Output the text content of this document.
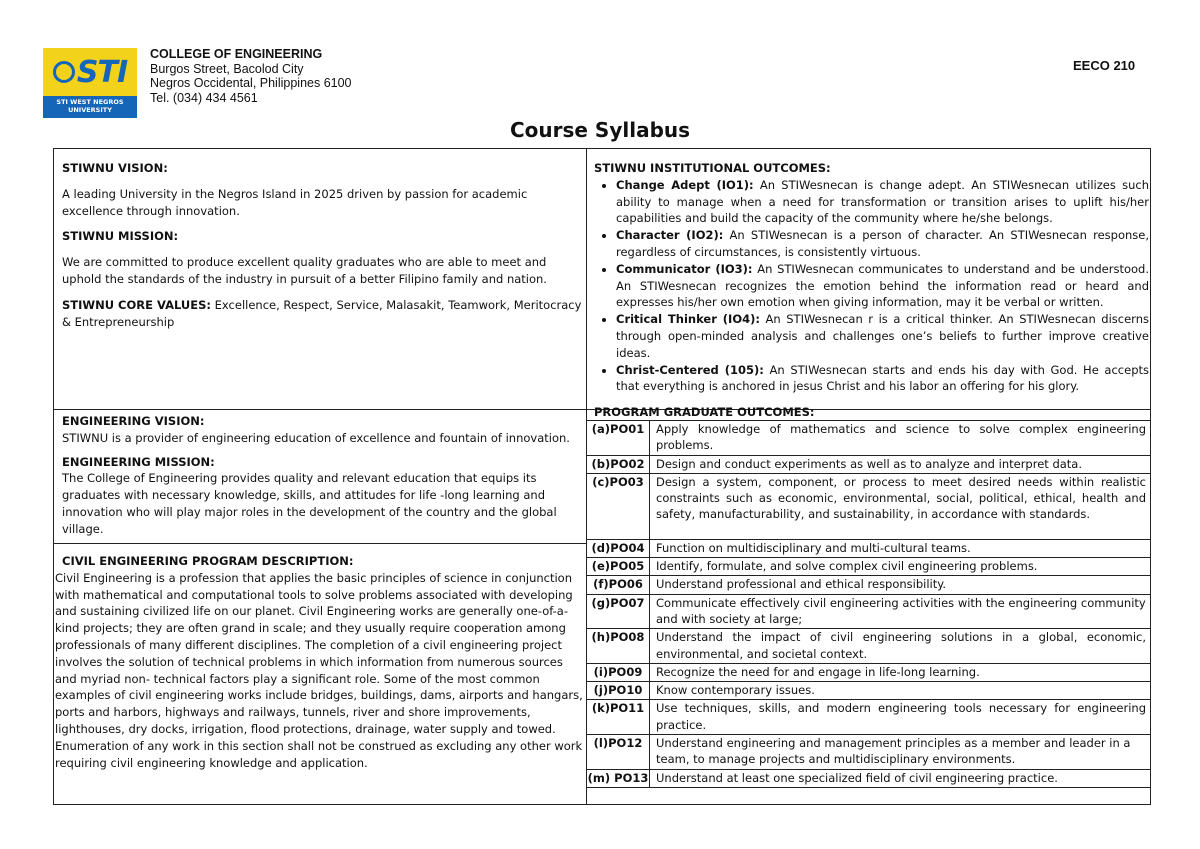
STI
STI WEST NEGROS UNIVERSITY
COLLEGE OF ENGINEERING
Burgos Street, Bacolod City
Negros Occidental, Philippines 6100
Tel. (034) 434 4561
EECO 210
Course Syllabus

STIWNU VISION:

A leading University in the Negros Island in 2025 driven by passion for academic excellence through innovation.

STIWNU MISSION:

We are committed to produce excellent quality graduates who are able to meet and uphold the standards of the industry in pursuit of a better Filipino family and nation.

STIWNU CORE VALUES: Excellence, Respect, Service, Malasakit, Teamwork, Meritocracy & Entrepreneurship

ENGINEERING VISION:

STIWNU is a provider of engineering education of excellence and fountain of innovation.

ENGINEERING MISSION:

The College of Engineering provides quality and relevant education that equips its graduates with necessary knowledge, skills, and attitudes for life -long learning and innovation who will play major roles in the development of the country and the global village.

CIVIL ENGINEERING PROGRAM DESCRIPTION:

Civil Engineering is a profession that applies the basic principles of science in conjunction with mathematical and computational tools to solve problems associated with developing and sustaining civilized life on our planet. Civil Engineering works are generally one-of-a-kind projects; they are often grand in scale; and they usually require cooperation among professionals of many different disciplines. The completion of a civil engineering project involves the solution of technical problems in which information from numerous sources and myriad non- technical factors play a significant role. Some of the most common examples of civil engineering works include bridges, buildings, dams, airports and hangars, ports and harbors, highways and railways, tunnels, river and shore improvements, lighthouses, dry docks, irrigation, flood protections, drainage, water supply and towed. Enumeration of any work in this section shall not be construed as excluding any other work requiring civil engineering knowledge and application.

STIWNU INSTITUTIONAL OUTCOMES:

• Change Adept (IO1): An STIWesnecan is change adept. An STIWesnecan utilizes such ability to manage when a need for transformation or transition arises to uplift his/her capabilities and build the capacity of the community where he/she belongs.
• Character (IO2): An STIWesnecan is a person of character. An STIWesnecan response, regardless of circumstances, is consistently virtuous.
• Communicator (IO3): An STIWesnecan communicates to understand and be understood. An STIWesnecan recognizes the emotion behind the information read or heard and expresses his/her own emotion when giving information, may it be verbal or written.
• Critical Thinker (IO4): An STIWesnecan r is a critical thinker. An STIWesnecan discerns through open-minded analysis and challenges one’s beliefs to further improve creative ideas.
• Christ-Centered (105): An STIWesnecan starts and ends his day with God. He accepts that everything is anchored in jesus Christ and his labor an offering for his glory.
PROGRAM GRADUATE OUTCOMES:
(a)PO01	Apply knowledge of mathematics and science to solve complex engineering problems.
(b)PO02	Design and conduct experiments as well as to analyze and interpret data.
(c)PO03	Design a system, component, or process to meet desired needs within realistic constraints such as economic, environmental, social, political, ethical, health and safety, manufacturability, and sustainability, in accordance with standards.
(d)PO04	Function on multidisciplinary and multi-cultural teams.
(e)PO05	Identify, formulate, and solve complex civil engineering problems.
(f)PO06	Understand professional and ethical responsibility.
(g)PO07	Communicate effectively civil engineering activities with the engineering community and with society at large;
(h)PO08	Understand the impact of civil engineering solutions in a global, economic, environmental, and societal context.
(i)PO09	Recognize the need for and engage in life-long learning.
(j)PO10	Know contemporary issues.
(k)PO11	Use techniques, skills, and modern engineering tools necessary for engineering practice.
(l)PO12	Understand engineering and management principles as a member and leader in a team, to manage projects and multidisciplinary environments.
(m) PO13	Understand at least one specialized field of civil engineering practice.
